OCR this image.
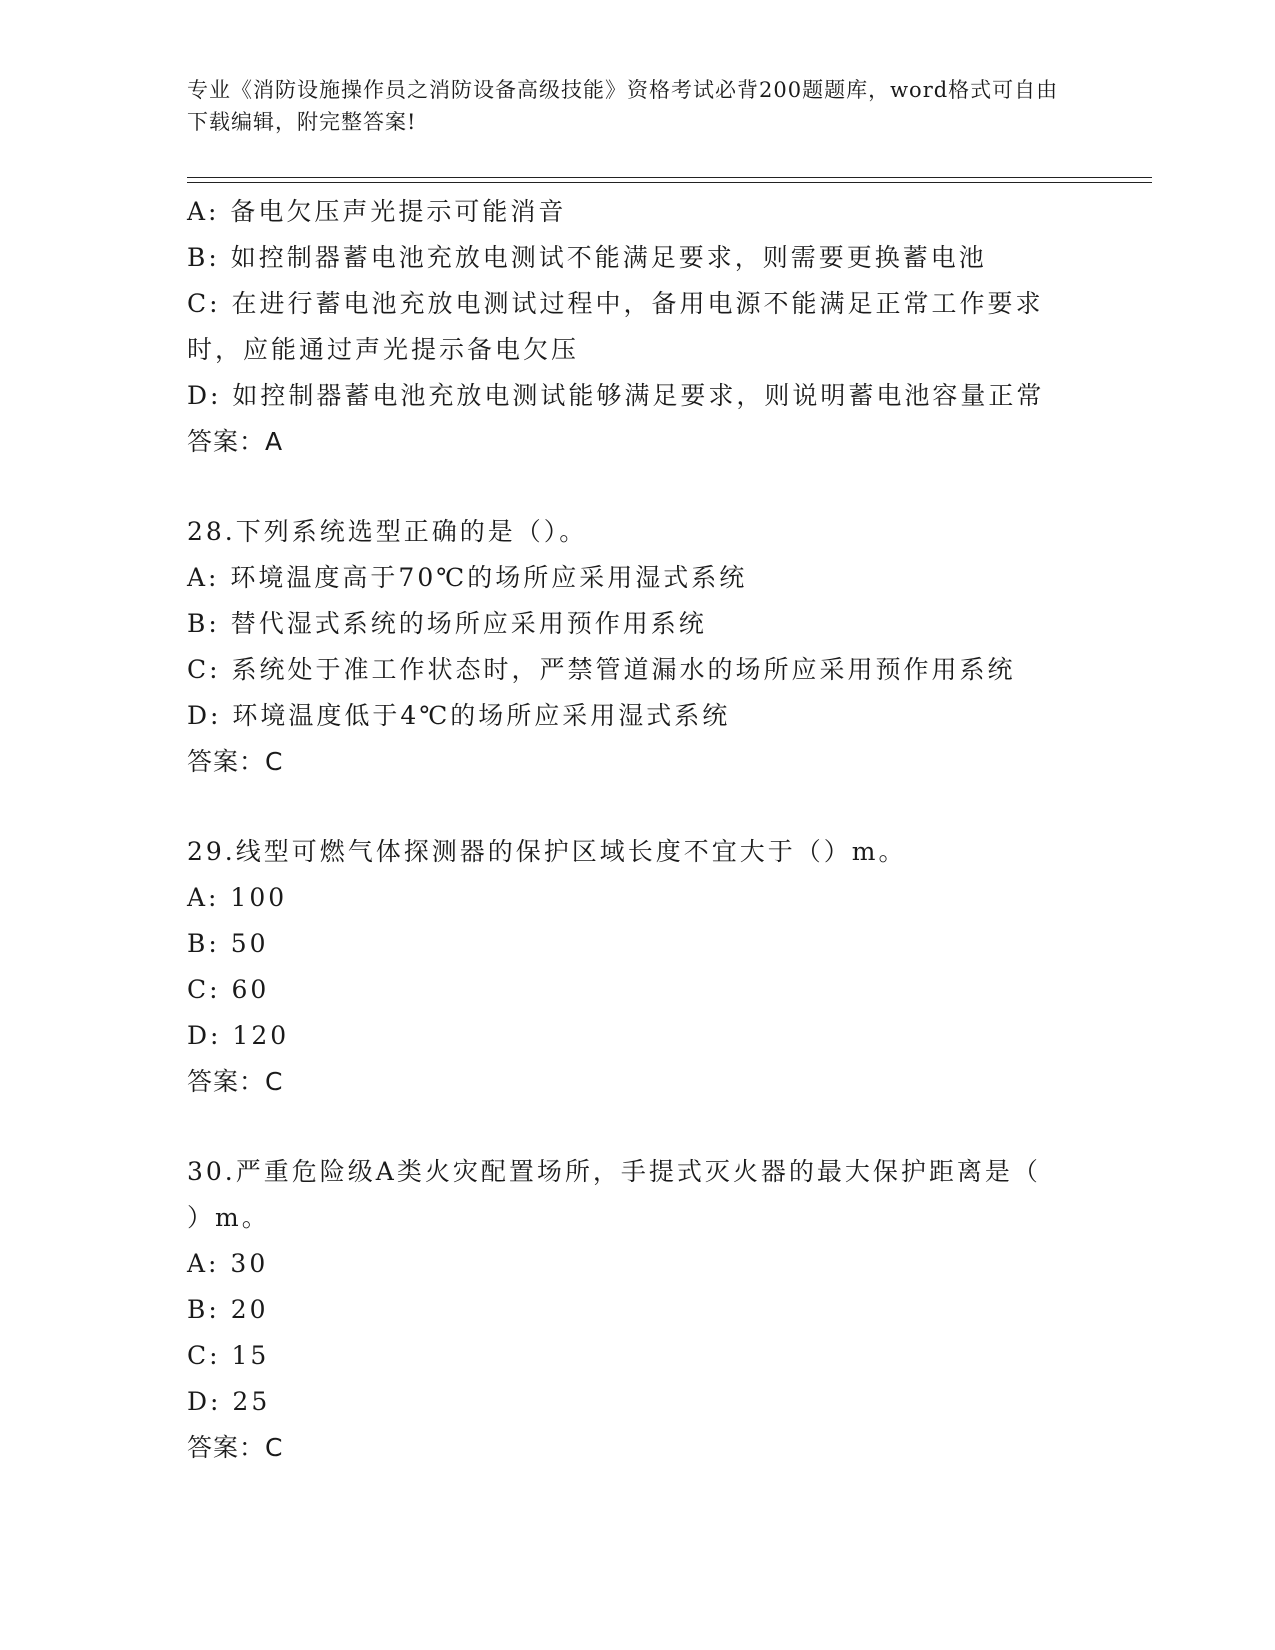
专业《消防设施操作员之消防设备高级技能》资格考试必背200题题库，word格式可自由下载编辑，附完整答案!
A: 备电欠压声光提示可能消音
B: 如控制器蓄电池充放电测试不能满足要求，则需要更换蓄电池
C: 在进行蓄电池充放电测试过程中，备用电源不能满足正常工作要求
时，应能通过声光提示备电欠压
D: 如控制器蓄电池充放电测试能够满足要求，则说明蓄电池容量正常
答案：A
28.下列系统选型正确的是（）。
A: 环境温度高于70℃的场所应采用湿式系统
B: 替代湿式系统的场所应采用预作用系统
C: 系统处于准工作状态时，严禁管道漏水的场所应采用预作用系统
D: 环境温度低于4℃的场所应采用湿式系统
答案：C
29.线型可燃气体探测器的保护区域长度不宜大于（）m。
A: 100
B: 50
C: 60
D: 120
答案：C
30.严重危险级A类火灾配置场所，手提式灭火器的最大保护距离是（
）m。
A: 30
B: 20
C: 15
D: 25
答案：C
